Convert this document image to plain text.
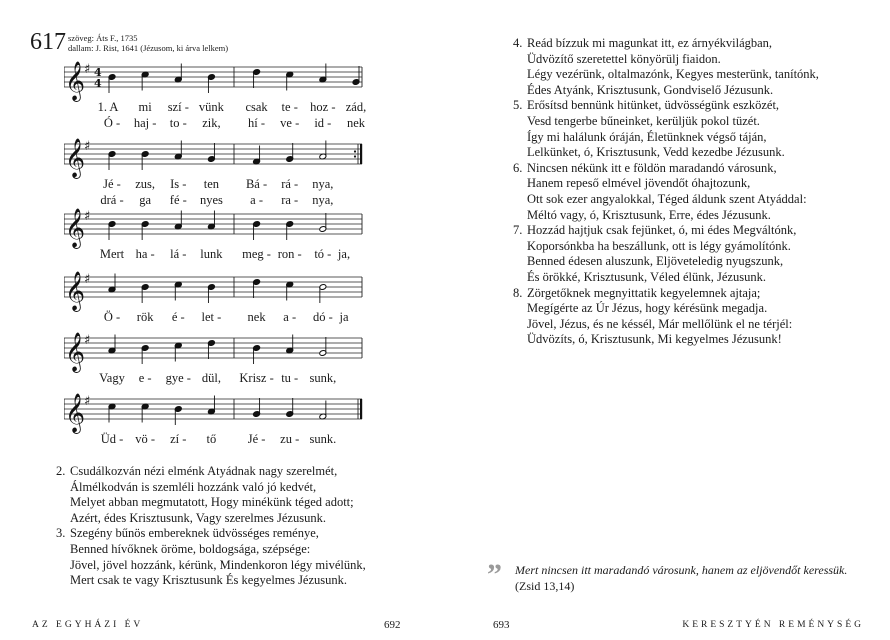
617 szöveg: Áts F., 1735
dallam: J. Rist, 1641 (Jézusom, ki árva lelkem)
𝄞
♯ 4
4
1. A mi szí - vünk csak te - hoz - zád,
Ó - haj - to - zik, hí - ve - id - nek
𝄞
♯
Jé - zus, Is - ten Bá - rá - nya,
drá - ga fé - nyes a - ra - nya,
𝄞
♯
Mert ha - lá - lunk meg - ron - tó - ja,
𝄞
♯
Ö - rök é - let - nek a - dó - ja
𝄞
♯
Vagy e - gye - dül, Krisz - tu - sunk,
𝄞
♯
Üd - vö - zí - tő	Jé - zu - sunk.
2. Csudálkozván nézi elménk Atyádnak nagy szerelmét,
Álmélkodván is szemléli hozzánk való jó kedvét,
Melyet abban megmutatott, Hogy minékünk téged adott;
Azért, édes Krisztusunk, Vagy szerelmes Jézusunk.
3. Szegény bűnös embereknek üdvösséges reménye,
Benned hívőknek öröme, boldogsága, szépsége:
Jövel, jövel hozzánk, kérünk, Mindenkoron légy mivélünk,
Mert csak te vagy Krisztusunk És kegyelmes Jézusunk.
AZ EGYHÁZI ÉV	692
4. Reád bízzuk mi magunkat itt, ez árnyékvilágban,
Üdvözítő szeretettel könyörülj fiaidon.
Légy vezérünk, oltalmazónk, Kegyes mesterünk, tanítónk,
Édes Atyánk, Krisztusunk, Gondviselő Jézusunk.
5. Erősítsd bennünk hitünket, üdvösségünk eszközét,
Vesd tengerbe bűneinket, kerüljük pokol tüzét.
Így mi halálunk óráján, Életünknek végső táján,
Lelkünket, ó, Krisztusunk, Vedd kezedbe Jézusunk.
6. Nincsen nékünk itt e földön maradandó városunk,
Hanem repeső elmével jövendőt óhajtozunk,
Ott sok ezer angyalokkal, Téged áldunk szent Atyáddal:
Méltó vagy, ó, Krisztusunk, Erre, édes Jézusunk.
7. Hozzád hajtjuk csak fejünket, ó, mi édes Megváltónk,
Koporsónkba ha beszállunk, ott is légy gyámolítónk.
Benned édesen aluszunk, Eljöveteledig nyugszunk,
És örökké, Krisztusunk, Véled élünk, Jézusunk.
8. Zörgetőknek megnyittatik kegyelemnek ajtaja;
Megígérte az Úr Jézus, hogy kérésünk megadja.
Jövel, Jézus, és ne késsél, Már mellőlünk el ne térjél:
Üdvözíts, ó, Krisztusunk, Mi kegyelmes Jézusunk!
693	KERESZTYÉN REMÉNYSÉG
” Mert nincsen itt maradandó városunk, hanem az eljövendőt keressük. (Zsid 13,14)
